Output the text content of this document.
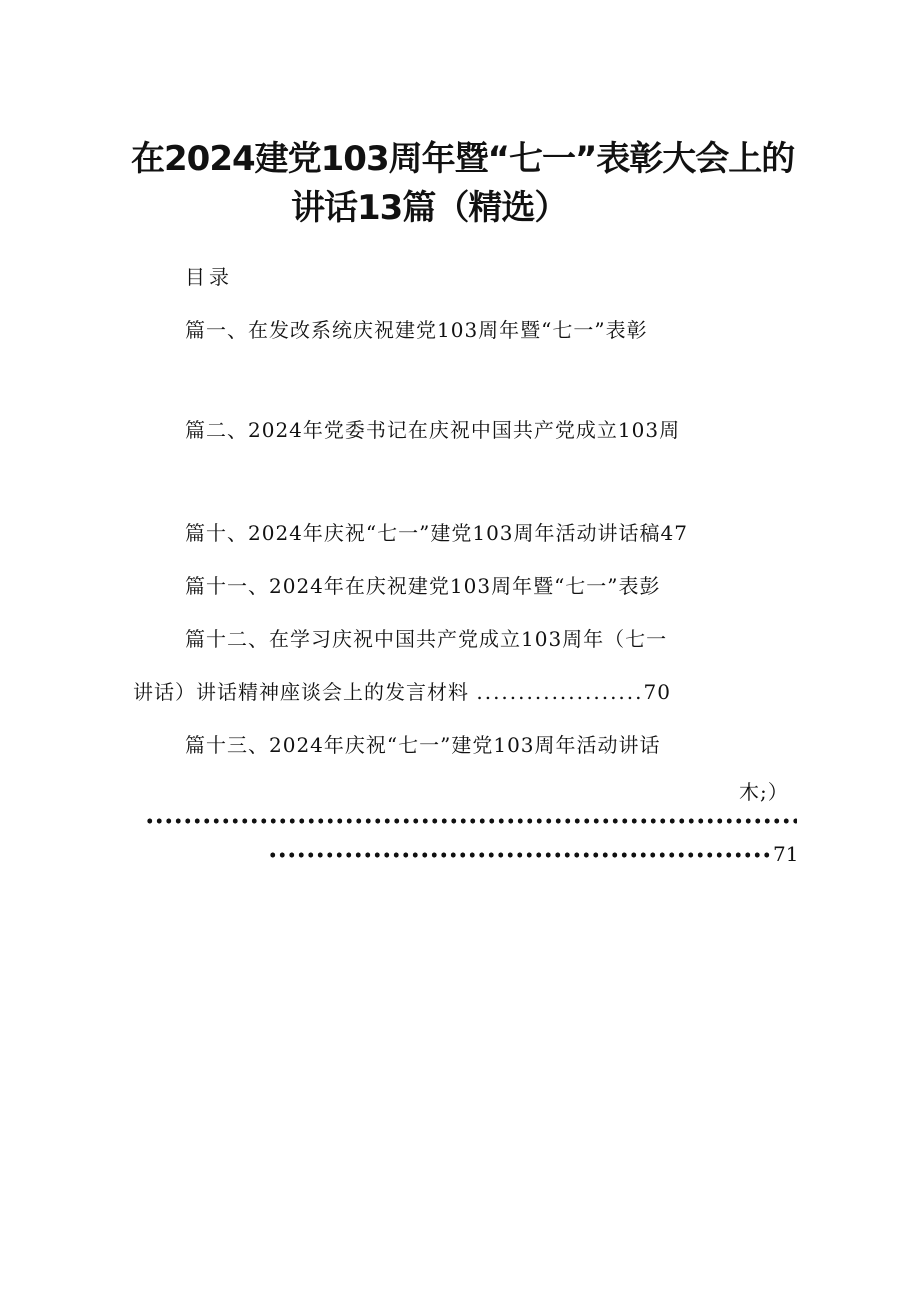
在2024建党103周年暨“七一”表彰大会上的
讲话13篇（精选）
目录
篇一、在发改系统庆祝建党103周年暨“七一”表彰
篇二、2024年党委书记在庆祝中国共产党成立103周
篇十、2024年庆祝“七一”建党103周年活动讲话稿47
篇十一、2024年在庆祝建党103周年暨“七一”表彭
篇十二、在学习庆祝中国共产党成立103周年（七一
讲话）讲话精神座谈会上的发言材料 ....................70
篇十三、2024年庆祝“七一”建党103周年活动讲话
木;）
71
